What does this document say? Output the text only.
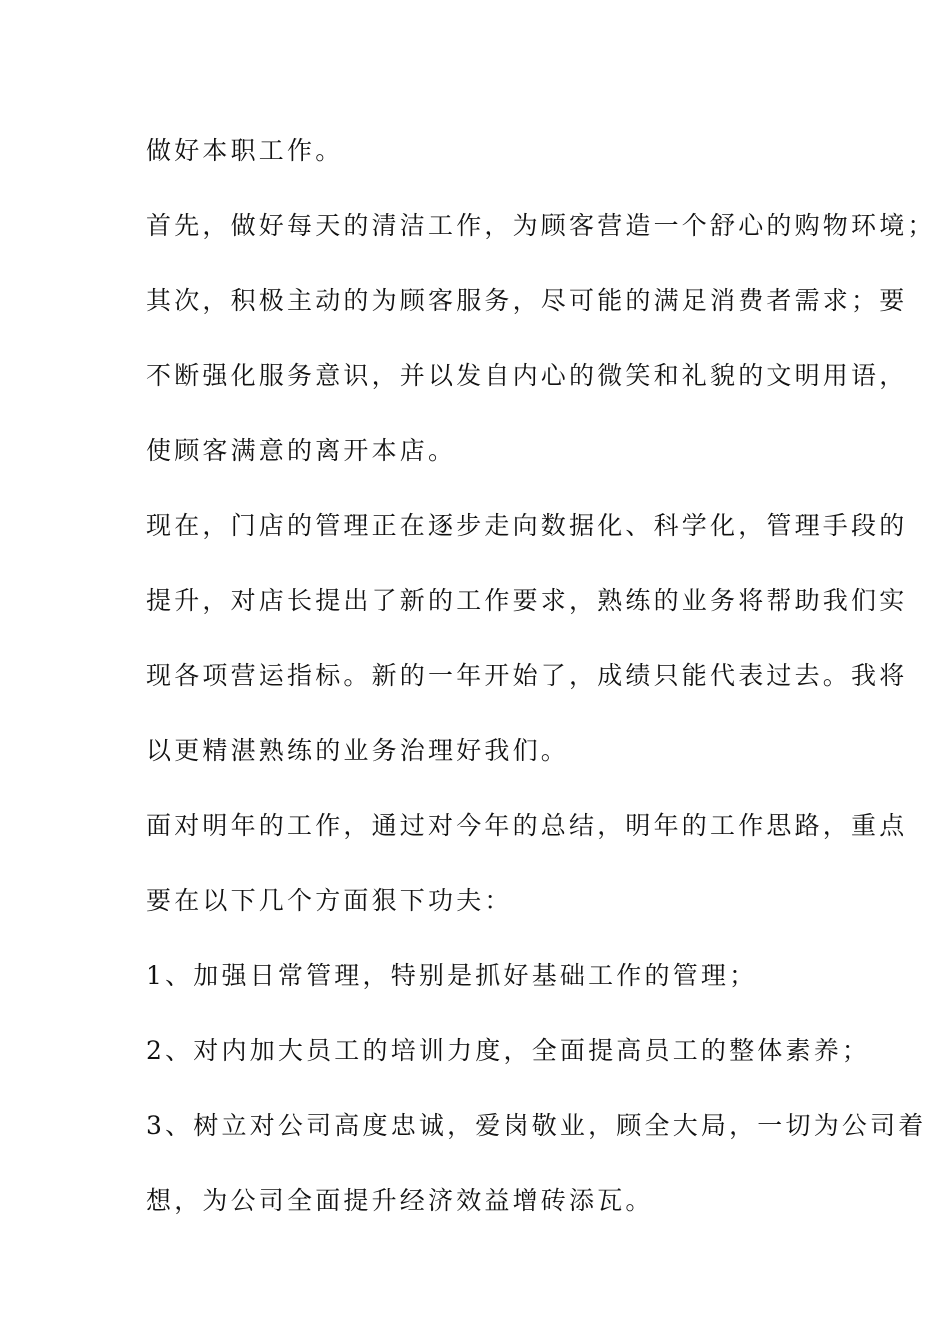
做好本职工作。
首先，做好每天的清洁工作，为顾客营造一个舒心的购物环境；
其次，积极主动的为顾客服务，尽可能的满足消费者需求；要
不断强化服务意识，并以发自内心的微笑和礼貌的文明用语，
使顾客满意的离开本店。
现在，门店的管理正在逐步走向数据化、科学化，管理手段的
提升，对店长提出了新的工作要求，熟练的业务将帮助我们实
现各项营运指标。新的一年开始了，成绩只能代表过去。我将
以更精湛熟练的业务治理好我们。
面对明年的工作，通过对今年的总结，明年的工作思路，重点
要在以下几个方面狠下功夫：
1、加强日常管理，特别是抓好基础工作的管理；
2、对内加大员工的培训力度，全面提高员工的整体素养；
3、树立对公司高度忠诚，爱岗敬业，顾全大局，一切为公司着
想，为公司全面提升经济效益增砖添瓦。
